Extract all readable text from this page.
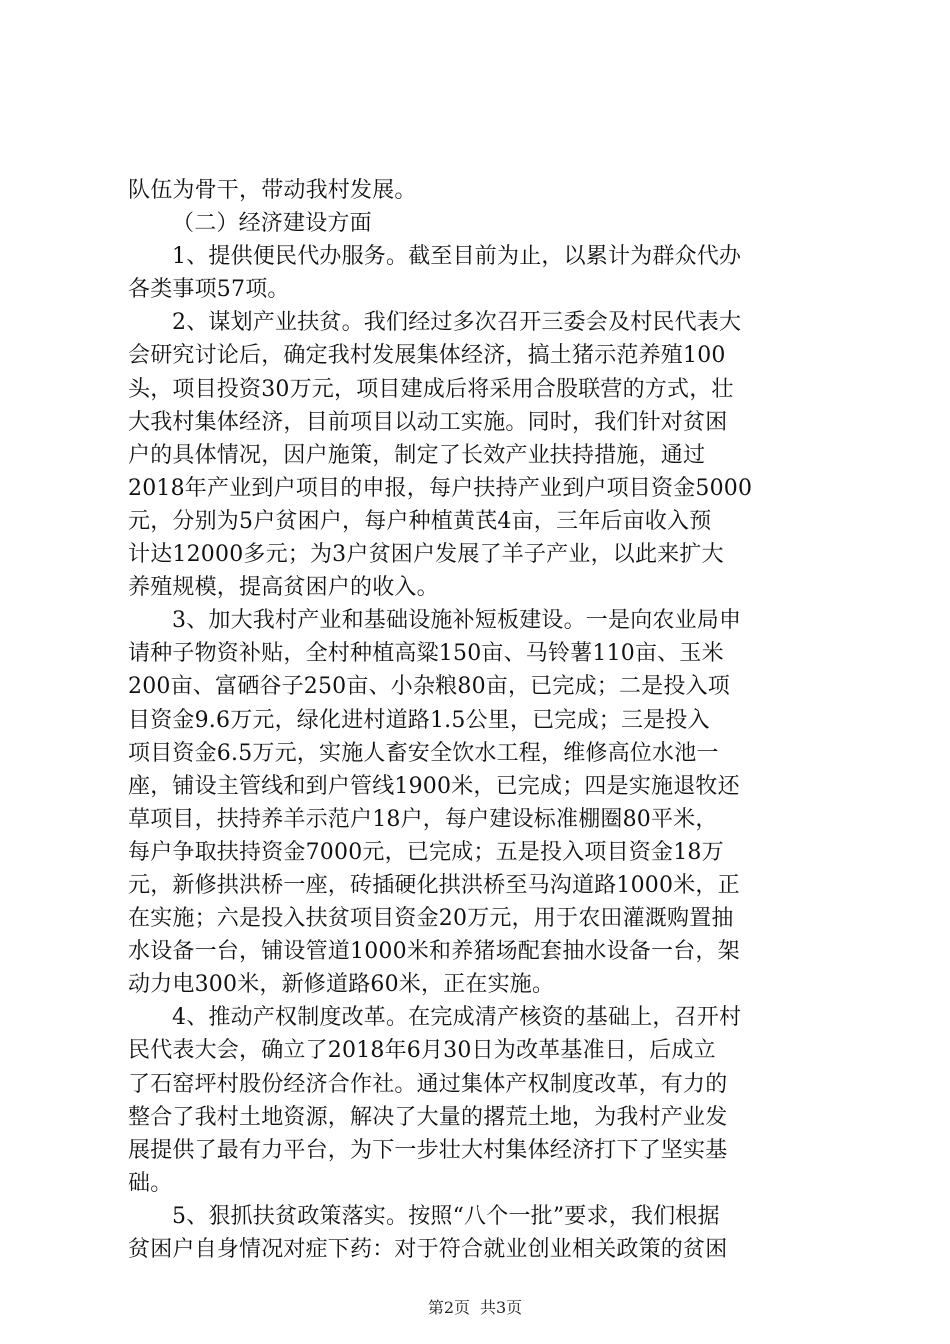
队伍为骨干，带动我村发展。
（二）经济建设方面
1、提供便民代办服务。截至目前为止，以累计为群众代办
各类事项57项。
2、谋划产业扶贫。我们经过多次召开三委会及村民代表大
会研究讨论后，确定我村发展集体经济，搞土猪示范养殖100
头，项目投资30万元，项目建成后将采用合股联营的方式，壮
大我村集体经济，目前项目以动工实施。同时，我们针对贫困
户的具体情况，因户施策，制定了长效产业扶持措施，通过
2018年产业到户项目的申报，每户扶持产业到户项目资金5000
元，分别为5户贫困户，每户种植黄芪4亩，三年后亩收入预
计达12000多元；为3户贫困户发展了羊子产业，以此来扩大
养殖规模，提高贫困户的收入。
3、加大我村产业和基础设施补短板建设。一是向农业局申
请种子物资补贴，全村种植高粱150亩、马铃薯110亩、玉米
200亩、富硒谷子250亩、小杂粮80亩，已完成；二是投入项
目资金9.6万元，绿化进村道路1.5公里，已完成；三是投入
项目资金6.5万元，实施人畜安全饮水工程，维修高位水池一
座，铺设主管线和到户管线1900米，已完成；四是实施退牧还
草项目，扶持养羊示范户18户，每户建设标准棚圈80平米，
每户争取扶持资金7000元，已完成；五是投入项目资金18万
元，新修拱洪桥一座，砖插硬化拱洪桥至马沟道路1000米，正
在实施；六是投入扶贫项目资金20万元，用于农田灌溉购置抽
水设备一台，铺设管道1000米和养猪场配套抽水设备一台，架
动力电300米，新修道路60米，正在实施。
4、推动产权制度改革。在完成清产核资的基础上，召开村
民代表大会，确立了2018年6月30日为改革基准日，后成立
了石窑坪村股份经济合作社。通过集体产权制度改革，有力的
整合了我村土地资源，解决了大量的撂荒土地，为我村产业发
展提供了最有力平台，为下一步壮大村集体经济打下了坚实基
础。
5、狠抓扶贫政策落实。按照“八个一批”要求，我们根据
贫困户自身情况对症下药：对于符合就业创业相关政策的贫困
第2页 共3页
